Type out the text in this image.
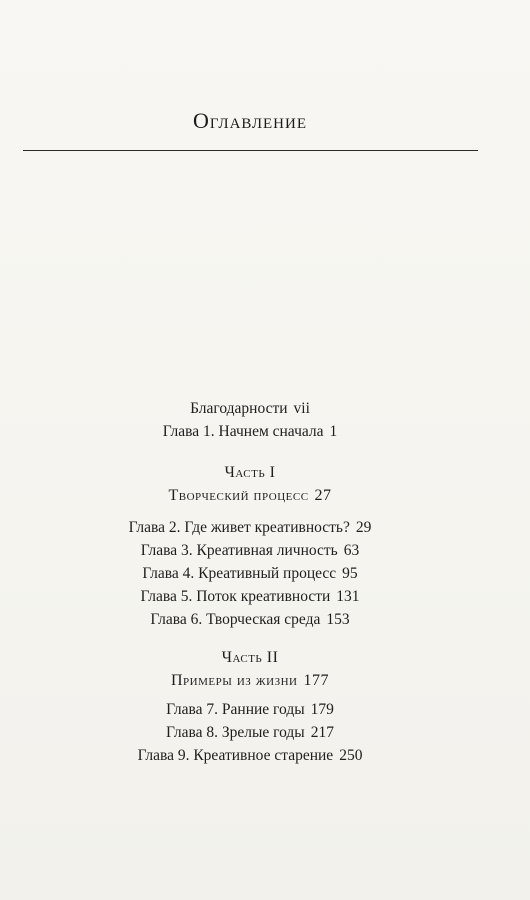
Оглавление
Благодарности vii
Глава 1. Начнем сначала 1
Часть I
Творческий процесс 27
Глава 2. Где живет креативность? 29
Глава 3. Креативная личность 63
Глава 4. Креативный процесс 95
Глава 5. Поток креативности 131
Глава 6. Творческая среда 153
Часть II
Примеры из жизни 177
Глава 7. Ранние годы 179
Глава 8. Зрелые годы 217
Глава 9. Креативное старение 250
